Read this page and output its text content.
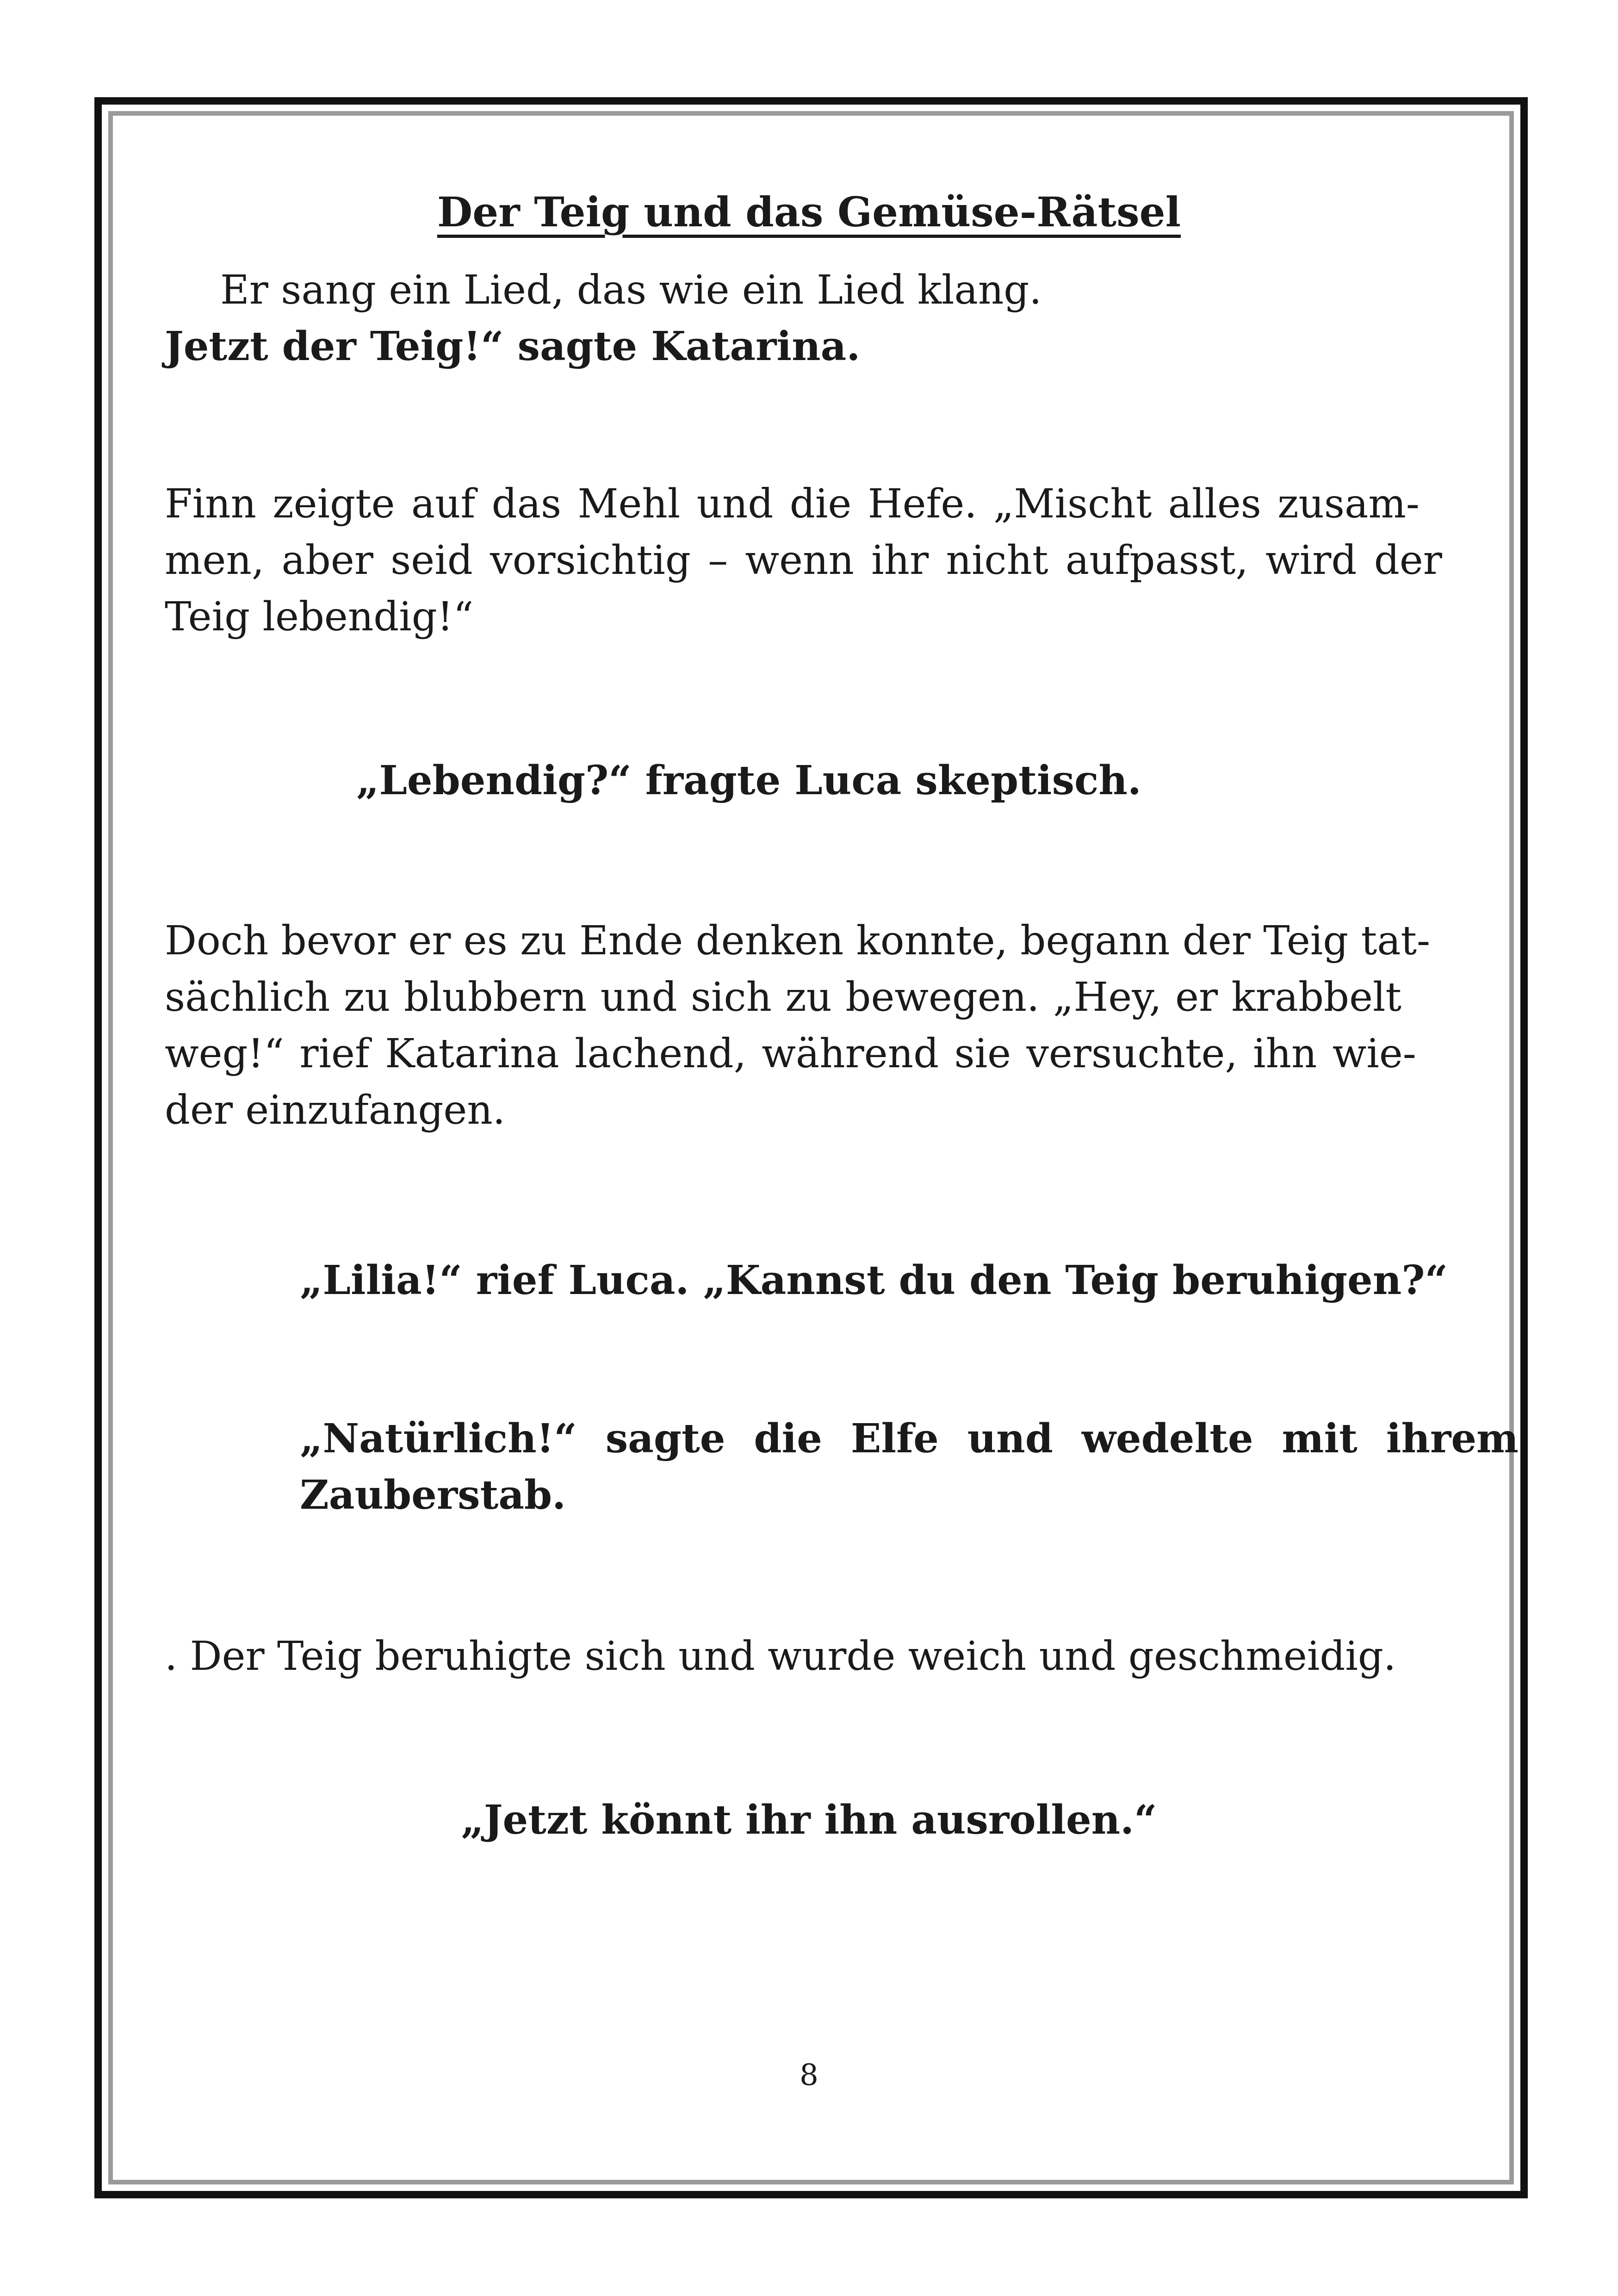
Der Teig und das Gemüse-Rätsel
Er sang ein Lied, das wie ein Lied klang.
Jetzt der Teig!“ sagte Katarina.
Finn zeigte auf das Mehl und die Hefe. „Mischt alles zusam-
men, aber seid vorsichtig – wenn ihr nicht aufpasst, wird der
Teig lebendig!“
„Lebendig?“ fragte Luca skeptisch.
Doch bevor er es zu Ende denken konnte, begann der Teig tat-
sächlich zu blubbern und sich zu bewegen. „Hey, er krabbelt
weg!“ rief Katarina lachend, während sie versuchte, ihn wie-
der einzufangen.
„Lilia!“ rief Luca. „Kannst du den Teig beruhigen?“
„Natürlich!“ sagte die Elfe und wedelte mit ihrem
Zauberstab.
. Der Teig beruhigte sich und wurde weich und geschmeidig.
„Jetzt könnt ihr ihn ausrollen.“
8
